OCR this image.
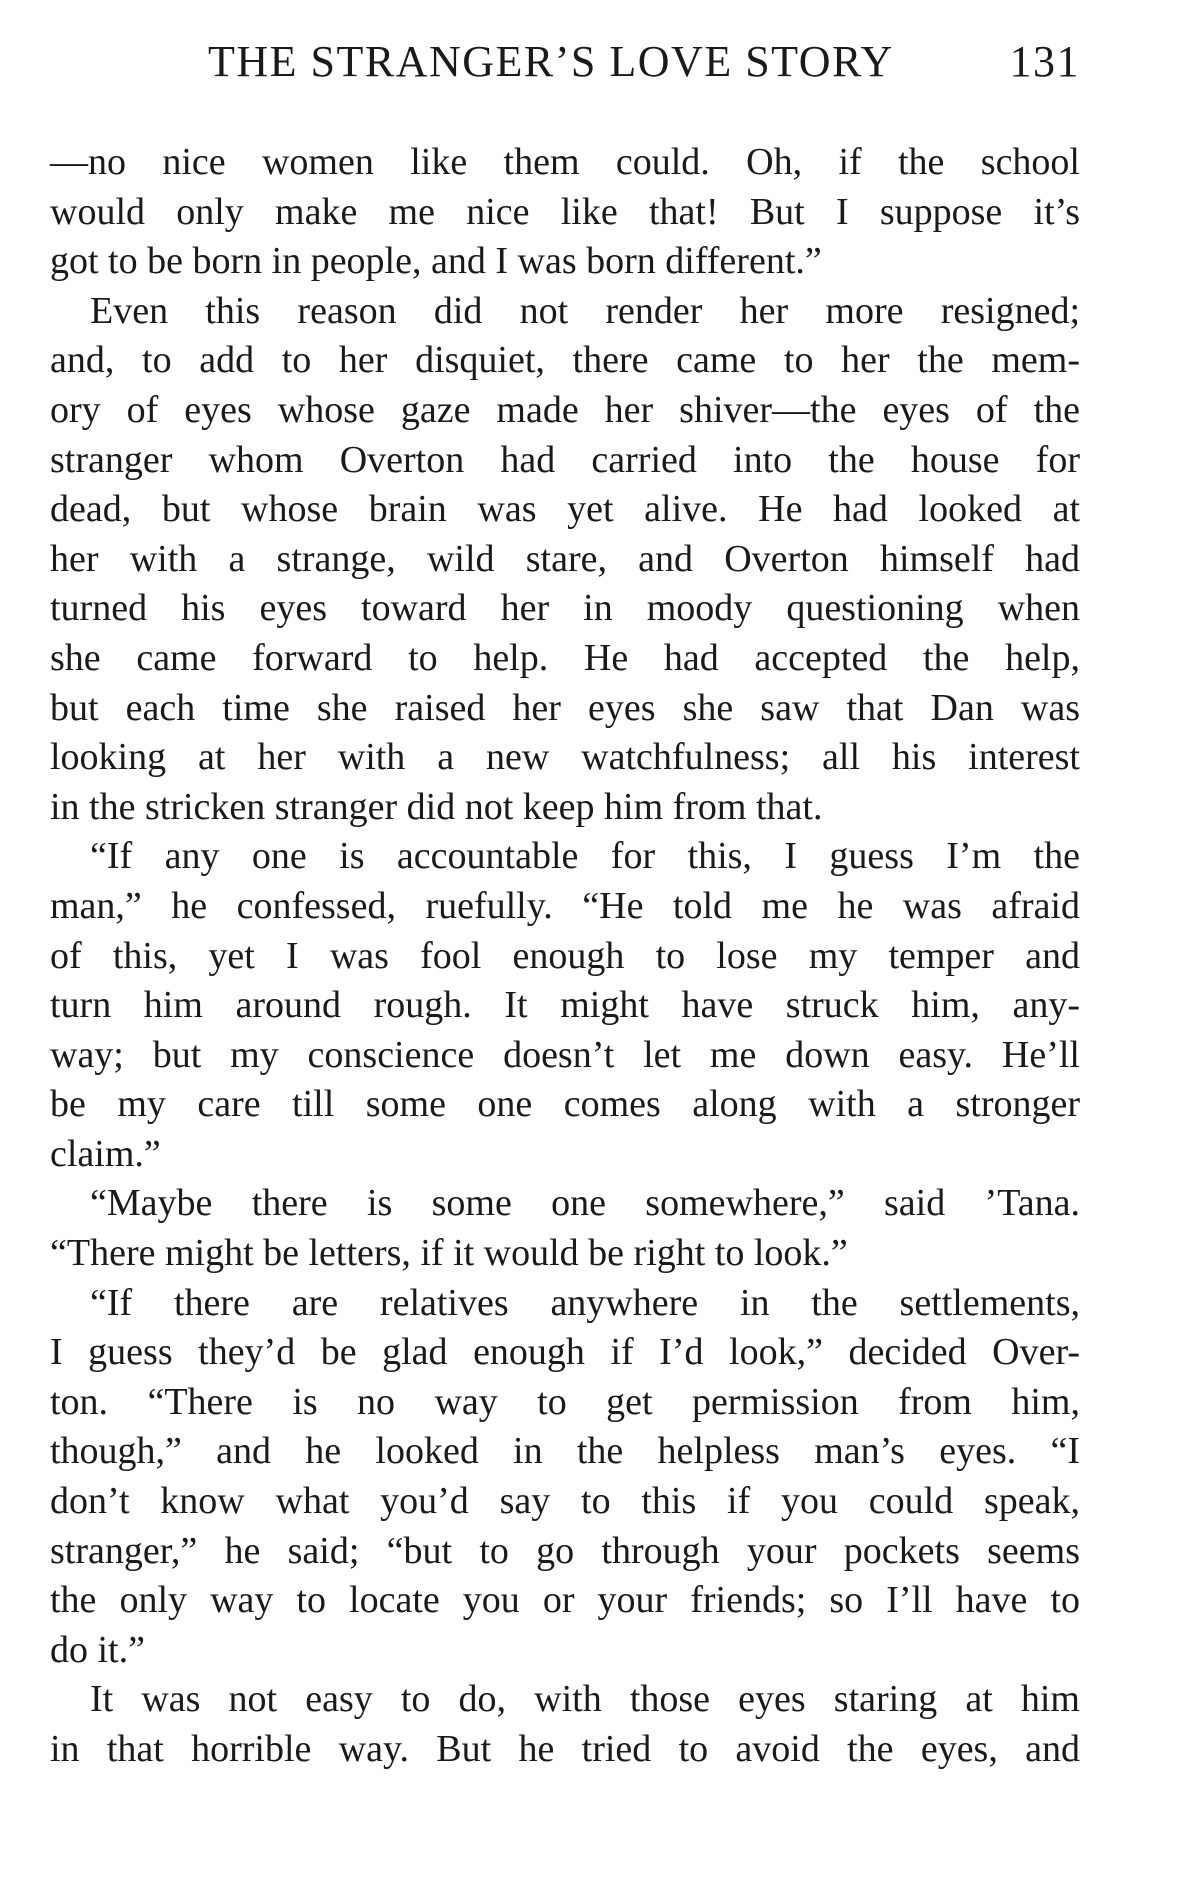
THE STRANGER’S LOVE STORY	131
—no nice women like them could. Oh, if the school
would only make me nice like that! But I suppose it’s
got to be born in people, and I was born different.”
Even this reason did not render her more resigned;
and, to add to her disquiet, there came to her the mem-
ory of eyes whose gaze made her shiver—the eyes of the
stranger whom Overton had carried into the house for
dead, but whose brain was yet alive. He had looked at
her with a strange, wild stare, and Overton himself had
turned his eyes toward her in moody questioning when
she came forward to help. He had accepted the help,
but each time she raised her eyes she saw that Dan was
looking at her with a new watchfulness; all his interest
in the stricken stranger did not keep him from that.
“If any one is accountable for this, I guess I’m the
man,” he confessed, ruefully. “He told me he was afraid
of this, yet I was fool enough to lose my temper and
turn him around rough. It might have struck him, any-
way; but my conscience doesn’t let me down easy. He’ll
be my care till some one comes along with a stronger
claim.”
“Maybe there is some one somewhere,” said ’Tana.
“There might be letters, if it would be right to look.”
“If there are relatives anywhere in the settlements,
I guess they’d be glad enough if I’d look,” decided Over-
ton. “There is no way to get permission from him,
though,” and he looked in the helpless man’s eyes. “I
don’t know what you’d say to this if you could speak,
stranger,” he said; “but to go through your pockets seems
the only way to locate you or your friends; so I’ll have to
do it.”
It was not easy to do, with those eyes staring at him
in that horrible way. But he tried to avoid the eyes, and
